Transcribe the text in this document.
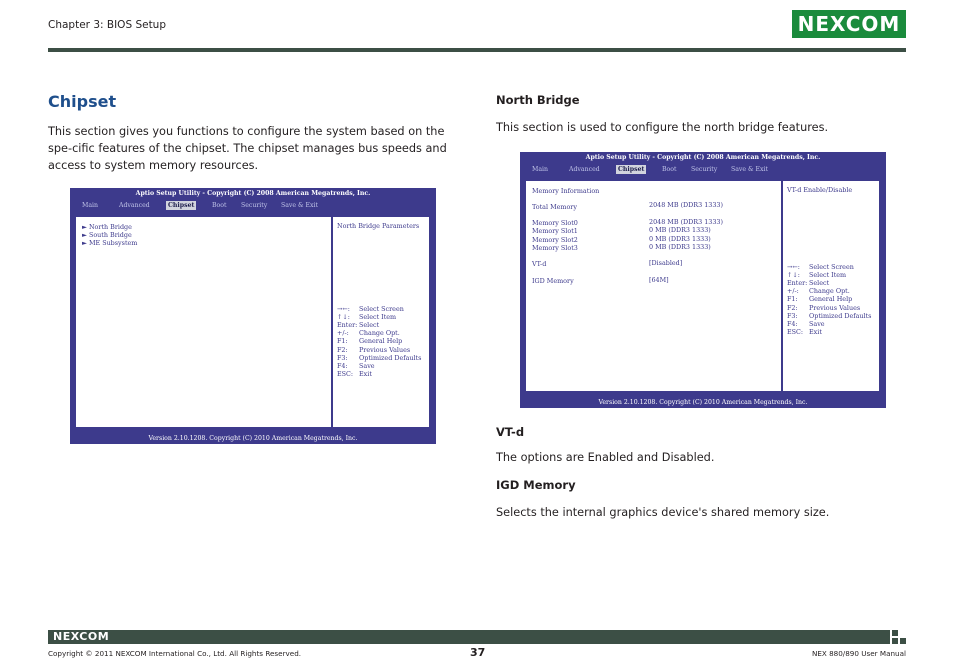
Chapter 3: BIOS Setup	NEXCOM
Chipset
This section gives you functions to configure the system based on the spe-cific features of the chipset. The chipset manages bus speeds and access to system memory resources.
Aptio Setup Utility - Copyright (C) 2008 American Megatrends, Inc.
Main	Advanced	Chipset	Boot	Security	Save & Exit
► North Bridge
► South Bridge
► ME Subsystem
North Bridge Parameters
→←: Select Screen
↑↓: Select Item
Enter: Select
+/-: Change Opt.
F1: General Help
F2: Previous Values
F3: Optimized Defaults
F4: Save
ESC: Exit
Version 2.10.1208. Copyright (C) 2010 American Megatrends, Inc.
North Bridge
This section is used to configure the north bridge features.
Aptio Setup Utility - Copyright (C) 2008 American Megatrends, Inc.
Main	Advanced	Chipset	Boot	Security	Save & Exit
Memory Information
Total Memory	2048 MB (DDR3 1333)
Memory Slot0	2048 MB (DDR3 1333)
Memory Slot1	0 MB (DDR3 1333)
Memory Slot2	0 MB (DDR3 1333)
Memory Slot3	0 MB (DDR3 1333)
VT-d	[Disabled]
IGD Memory	[64M]
VT-d Enable/Disable
→←: Select Screen
↑↓: Select Item
Enter: Select
+/-: Change Opt.
F1: General Help
F2: Previous Values
F3: Optimized Defaults
F4: Save
ESC: Exit
Version 2.10.1208. Copyright (C) 2010 American Megatrends, Inc.
VT-d
The options are Enabled and Disabled.
IGD Memory
Selects the internal graphics device's shared memory size.
NEXCOM
Copyright © 2011 NEXCOM International Co., Ltd. All Rights Reserved.	37	NEX 880/890 User Manual
